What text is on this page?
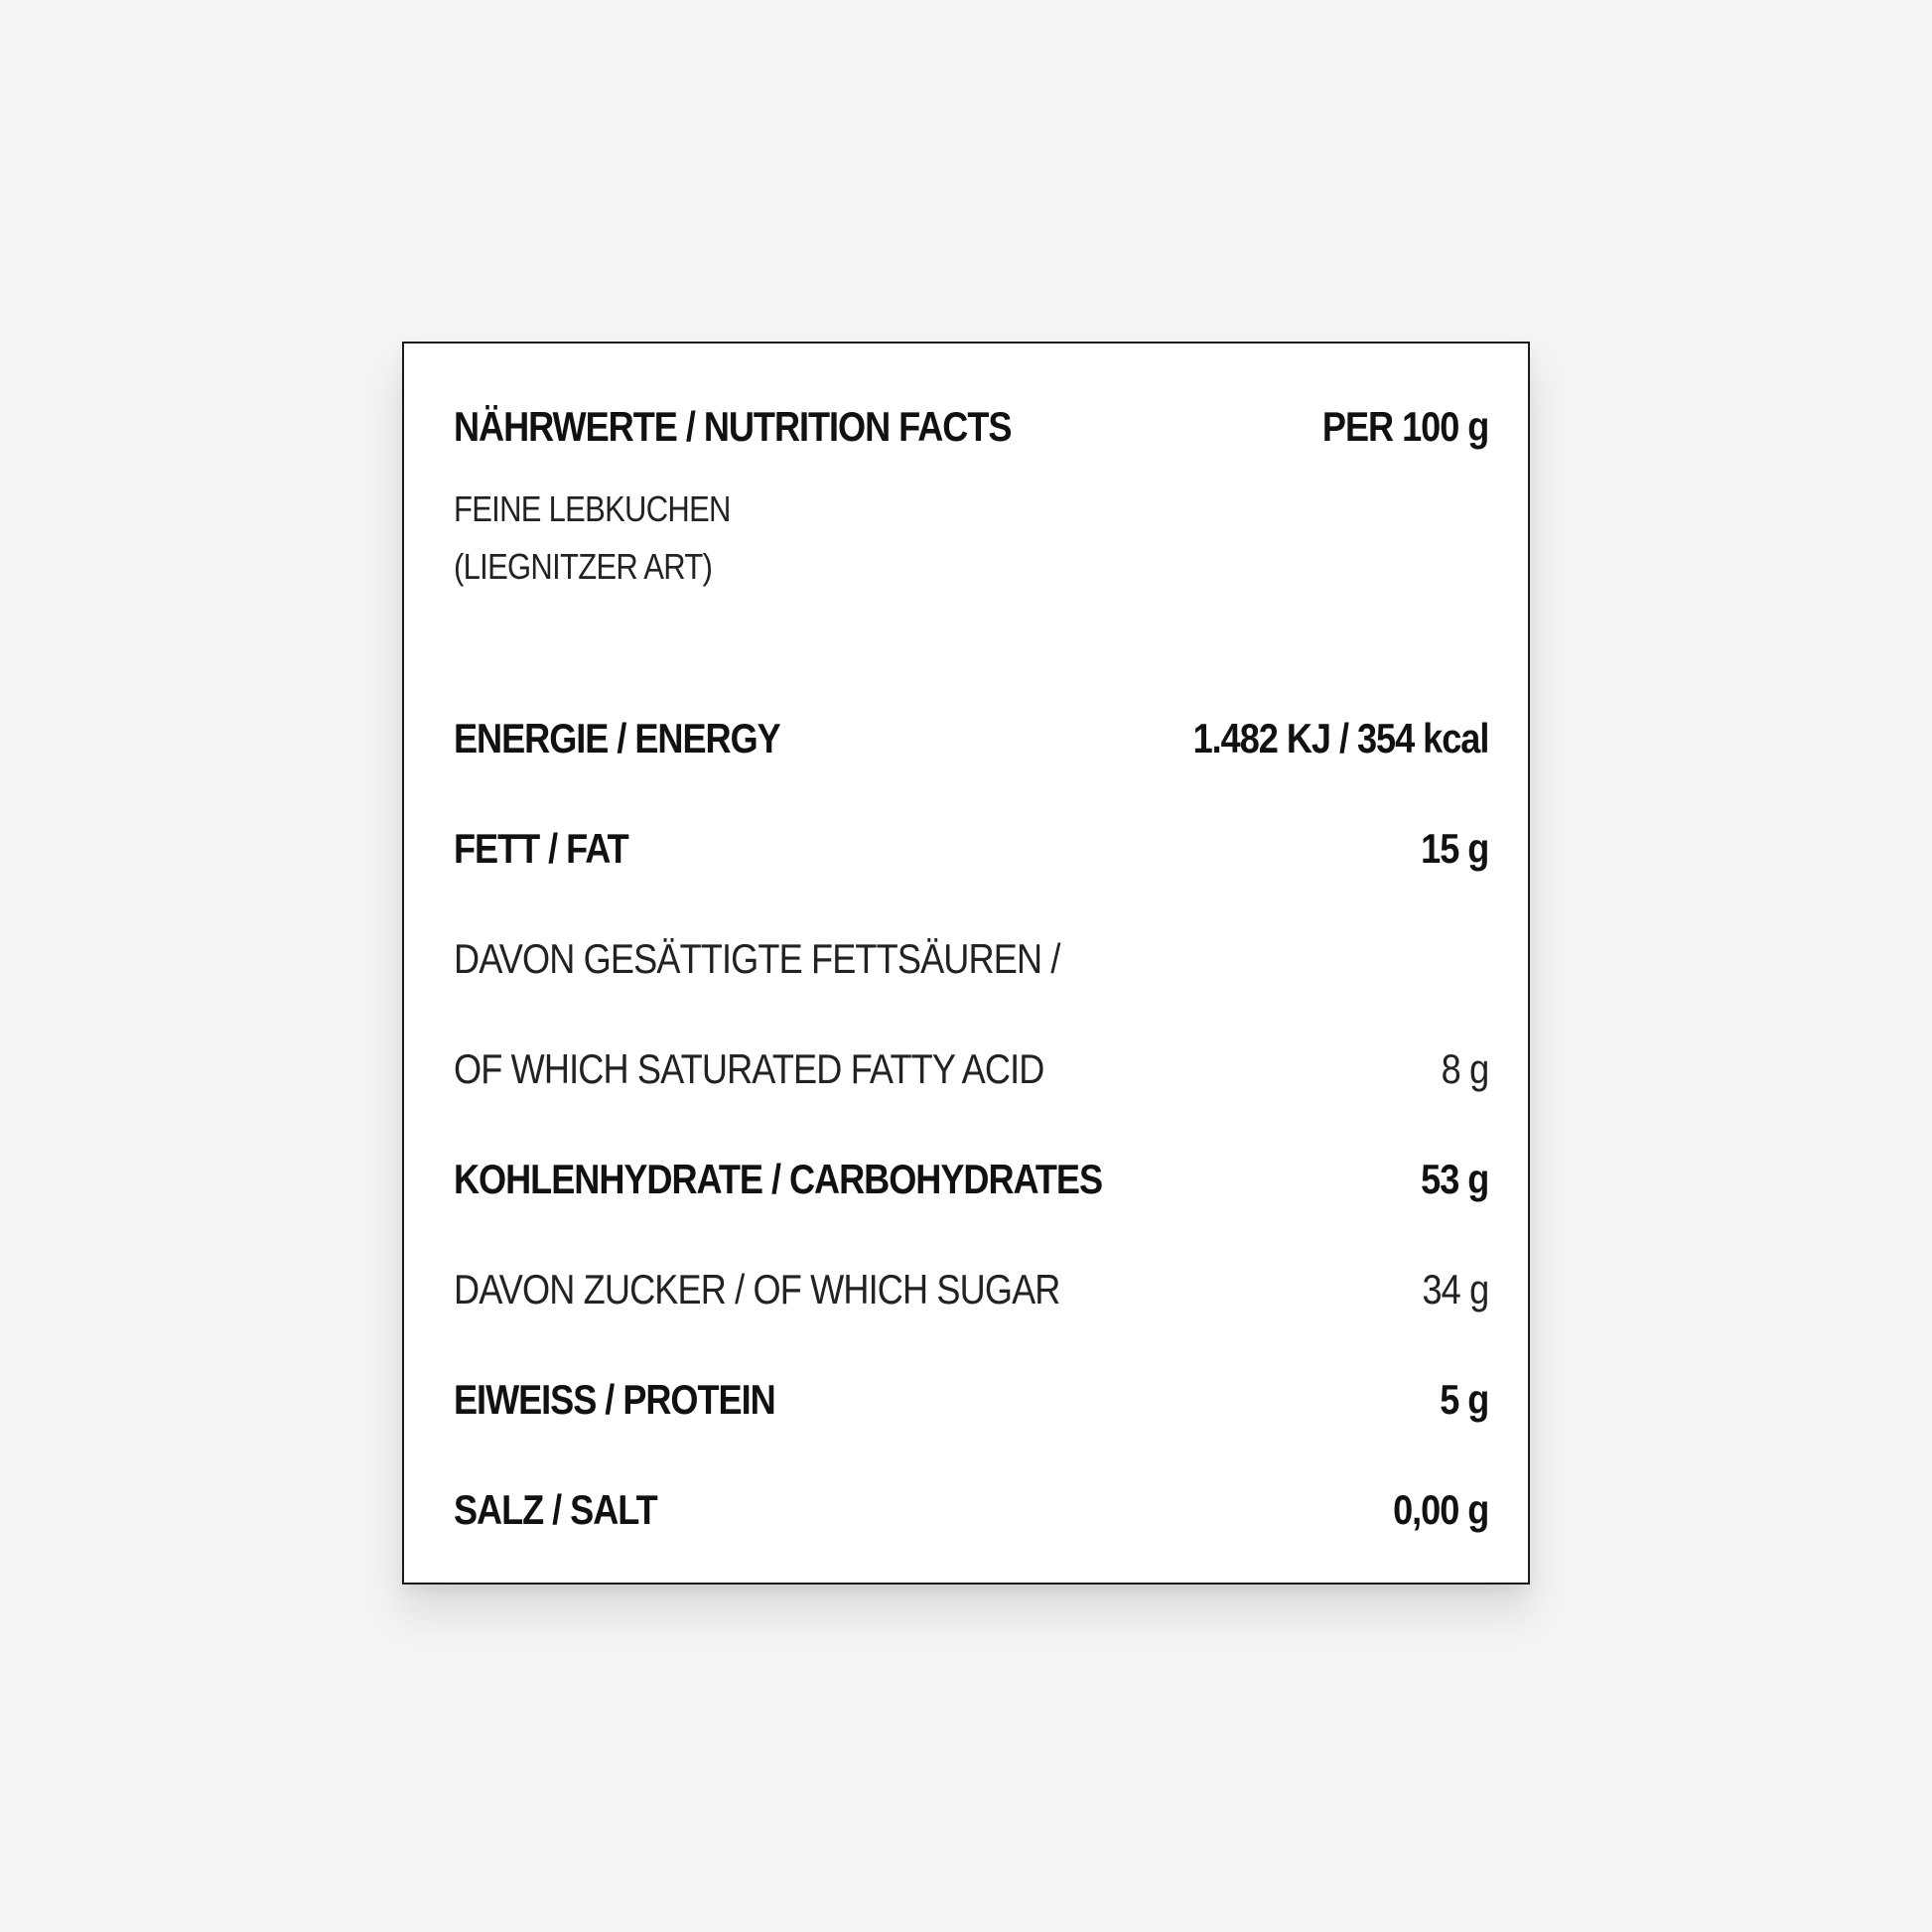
NÄHRWERTE / NUTRITION FACTS	PER 100 g
FEINE LEBKUCHEN
(LIEGNITZER ART)
ENERGIE / ENERGY	1.482 KJ / 354 kcal
FETT / FAT	15 g
DAVON GESÄTTIGTE FETTSÄUREN /
OF WHICH SATURATED FATTY ACID	8 g
KOHLENHYDRATE / CARBOHYDRATES	53 g
DAVON ZUCKER / OF WHICH SUGAR	34 g
EIWEISS / PROTEIN	5 g
SALZ / SALT	0,00 g
